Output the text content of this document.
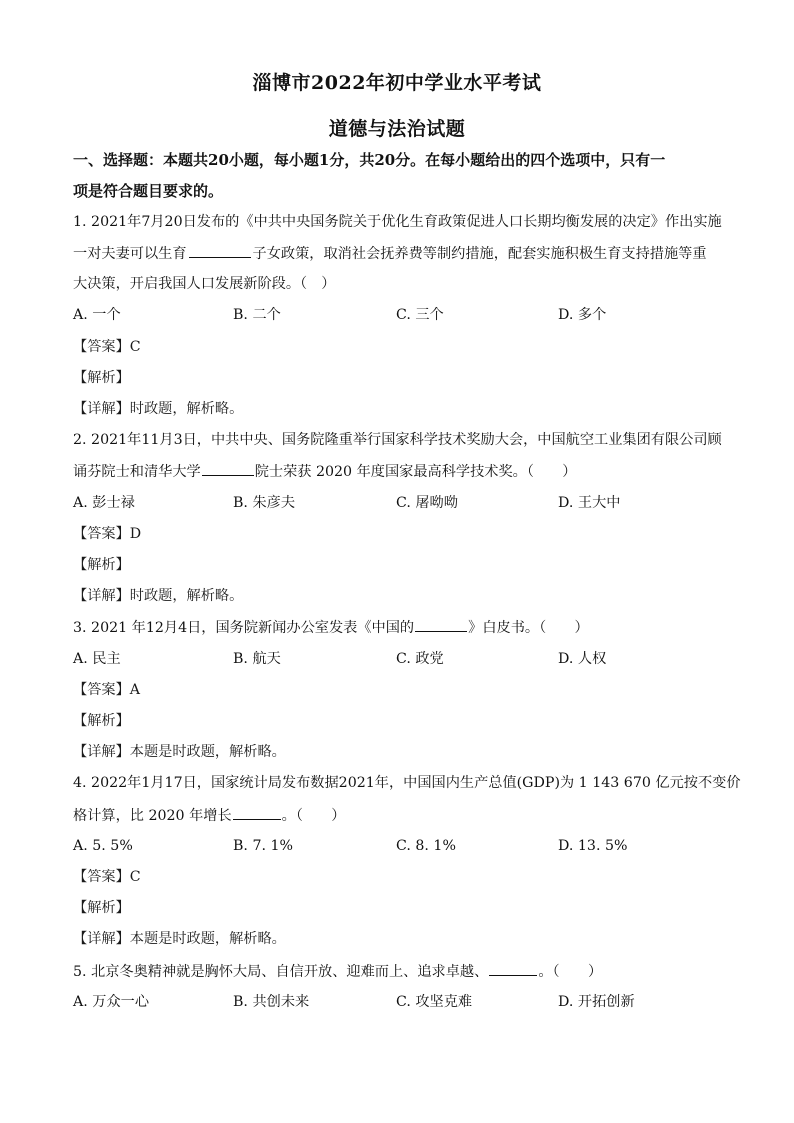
淄博市2022年初中学业水平考试
道德与法治试题
一、选择题：本题共20小题，每小题1分，共20分。在每小题给出的四个选项中，只有一
项是符合题目要求的。
1. 2021年7月20日发布的《中共中央国务院关于优化生育政策促进人口长期均衡发展的决定》作出实施
一对夫妻可以生育	子女政策，取消社会抚养费等制约措施，配套实施积极生育支持措施等重
大决策，开启我国人口发展新阶段。（　）
A. 一个	B. 二个	C. 三个	D. 多个
【答案】C
【解析】
【详解】时政题，解析略。
2. 2021年11月3日，中共中央、国务院隆重举行国家科学技术奖励大会，中国航空工业集团有限公司顾
诵芬院士和清华大学	院士荣获 2020 年度国家最高科学技术奖。（　　）
A. 彭士禄	B. 朱彦夫	C. 屠呦呦	D. 王大中
【答案】D
【解析】
【详解】时政题，解析略。
3. 2021 年12月4日，国务院新闻办公室发表《中国的	》白皮书。（　　）
A. 民主	B. 航天	C. 政党	D. 人权
【答案】A
【解析】
【详解】本题是时政题，解析略。
4. 2022年1月17日，国家统计局发布数据2021年，中国国内生产总值(GDP)为 1 143 670 亿元按不变价
格计算，比 2020 年增长	。（　　）
A. 5. 5%	B. 7. 1%	C. 8. 1%	D. 13. 5%
【答案】C
【解析】
【详解】本题是时政题，解析略。
5. 北京冬奥精神就是胸怀大局、自信开放、迎难而上、追求卓越、	。（　　）
A. 万众一心	B. 共创未来	C. 攻坚克难	D. 开拓创新
